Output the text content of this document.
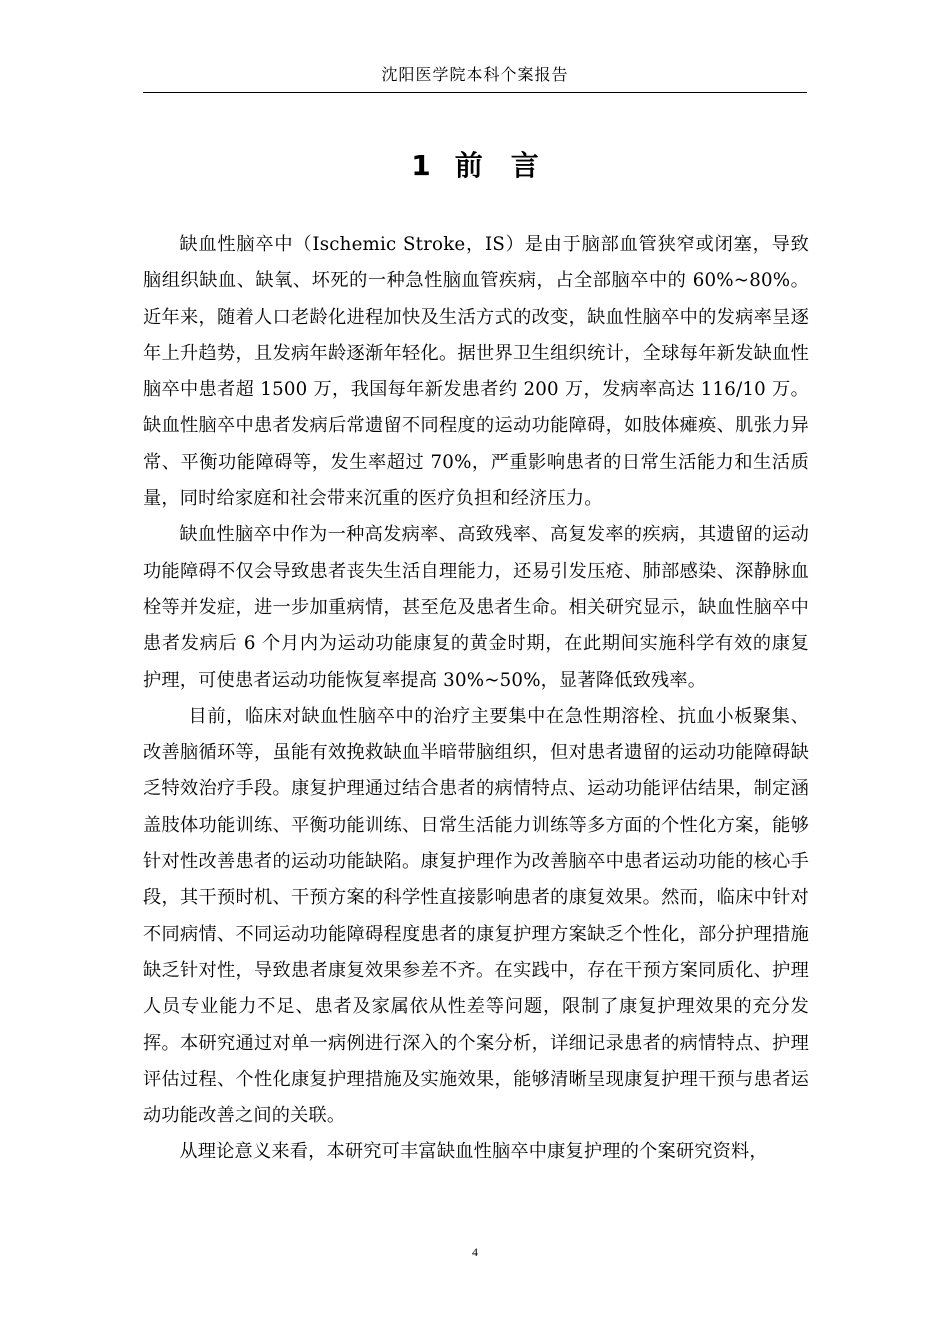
沈阳医学院本科个案报告
1 前 言

缺血性脑卒中（Ischemic Stroke，IS）是由于脑部血管狭窄或闭塞，导致脑组织缺血、缺氧、坏死的一种急性脑血管疾病，占全部脑卒中的 60%~80%。近年来，随着人口老龄化进程加快及生活方式的改变，缺血性脑卒中的发病率呈逐年上升趋势，且发病年龄逐渐年轻化。据世界卫生组织统计，全球每年新发缺血性脑卒中患者超 1500 万，我国每年新发患者约 200 万，发病率高达 116/10 万。缺血性脑卒中患者发病后常遗留不同程度的运动功能障碍，如肢体瘫痪、肌张力异常、平衡功能障碍等，发生率超过 70%，严重影响患者的日常生活能力和生活质量，同时给家庭和社会带来沉重的医疗负担和经济压力。

缺血性脑卒中作为一种高发病率、高致残率、高复发率的疾病，其遗留的运动功能障碍不仅会导致患者丧失生活自理能力，还易引发压疮、肺部感染、深静脉血栓等并发症，进一步加重病情，甚至危及患者生命。相关研究显示，缺血性脑卒中患者发病后 6 个月内为运动功能康复的黄金时期，在此期间实施科学有效的康复护理，可使患者运动功能恢复率提高 30%~50%，显著降低致残率。

目前，临床对缺血性脑卒中的治疗主要集中在急性期溶栓、抗血小板聚集、改善脑循环等，虽能有效挽救缺血半暗带脑组织，但对患者遗留的运动功能障碍缺乏特效治疗手段。康复护理通过结合患者的病情特点、运动功能评估结果，制定涵盖肢体功能训练、平衡功能训练、日常生活能力训练等多方面的个性化方案，能够针对性改善患者的运动功能缺陷。康复护理作为改善脑卒中患者运动功能的核心手段，其干预时机、干预方案的科学性直接影响患者的康复效果。然而，临床中针对不同病情、不同运动功能障碍程度患者的康复护理方案缺乏个性化，部分护理措施缺乏针对性，导致患者康复效果参差不齐。在实践中，存在干预方案同质化、护理人员专业能力不足、患者及家属依从性差等问题，限制了康复护理效果的充分发挥。本研究通过对单一病例进行深入的个案分析，详细记录患者的病情特点、护理评估过程、个性化康复护理措施及实施效果，能够清晰呈现康复护理干预与患者运动功能改善之间的关联。

从理论意义来看，本研究可丰富缺血性脑卒中康复护理的个案研究资料，

4
